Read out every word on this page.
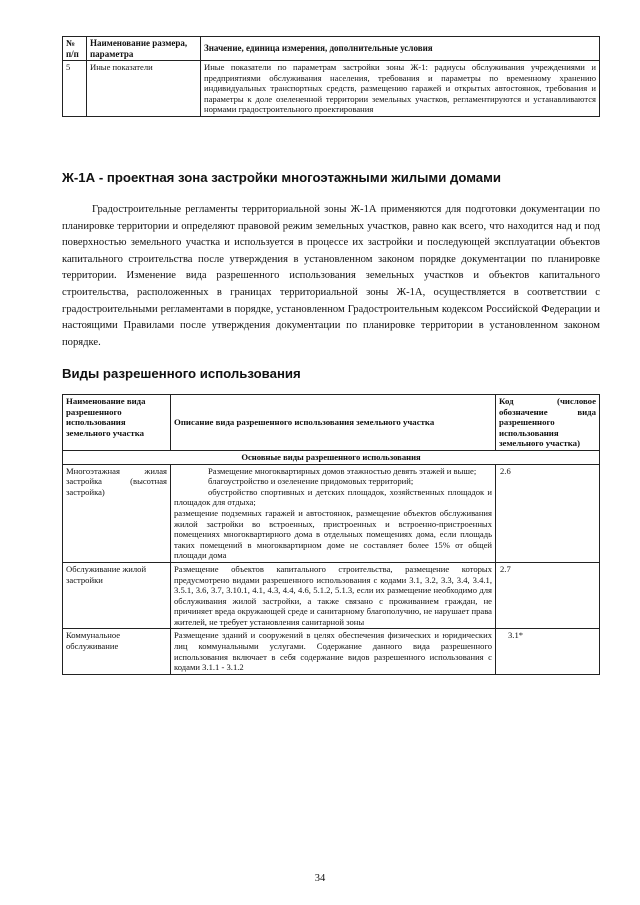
№ п/п	Наименование размера, параметра	Значение, единица измерения, дополнительные условия
5	Иные показатели	Иные показатели по параметрам застройки зоны Ж-1: радиусы обслуживания учреждениями и предприятиями обслуживания населения, требования и параметры по временному хранению индивидуальных транспортных средств, размещению гаражей и открытых автостоянок, требования и параметры к доле озелененной территории земельных участков, регламентируются и устанавливаются нормами градостроительного проектирования
Ж-1А - проектная зона застройки многоэтажными жилыми домами

Градостроительные регламенты территориальной зоны Ж-1А применяются для подготовки документации по планировке территории и определяют правовой режим земельных участков, равно как всего, что находится над и под поверхностью земельного участка и используется в процессе их застройки и последующей эксплуатации объектов капитального строительства после утверждения в установленном законом порядке документации по планировке территории. Изменение вида разрешенного использования земельных участков и объектов капитального строительства, расположенных в границах территориальной зоны Ж-1А, осуществляется в соответствии с градостроительными регламентами в порядке, установленном Градостроительным кодексом Российской Федерации и настоящими Правилами после утверждения документации по планировке территории в установленном законом порядке.

Виды разрешенного использования
Наименование вида разрешенного использования земельного участка	Описание вида разрешенного использования земельного участка	Код (числовое обозначение вида разрешенного использования земельного участка)
Основные виды разрешенного использования		
Многоэтажная жилая застройка (высотная застройка)	Размещение многоквартирных домов этажностью девять этажей и выше;
благоустройство и озеленение придомовых территорий;
обустройство спортивных и детских площадок, хозяйственных площадок и площадок для отдыха;
размещение подземных гаражей и автостоянок, размещение объектов обслуживания жилой застройки во встроенных, пристроенных и встроенно-пристроенных помещениях многоквартирного дома в отдельных помещениях дома, если площадь таких помещений в многоквартирном доме не составляет более 15% от общей площади дома	2.6
Обслуживание жилой застройки	Размещение объектов капитального строительства, размещение которых предусмотрено видами разрешенного использования с кодами 3.1, 3.2, 3.3, 3.4, 3.4.1, 3.5.1, 3.6, 3.7, 3.10.1, 4.1, 4.3, 4.4, 4.6, 5.1.2, 5.1.3, если их размещение необходимо для обслуживания жилой застройки, а также связано с проживанием граждан, не причиняет вреда окружающей среде и санитарному благополучию, не нарушает права жителей, не требует установления санитарной зоны	2.7
Коммунальное обслуживание	Размещение зданий и сооружений в целях обеспечения физических и юридических лиц коммунальными услугами. Содержание данного вида разрешенного использования включает в себя содержание видов разрешенного использования с кодами 3.1.1 - 3.1.2	3.1*
34
